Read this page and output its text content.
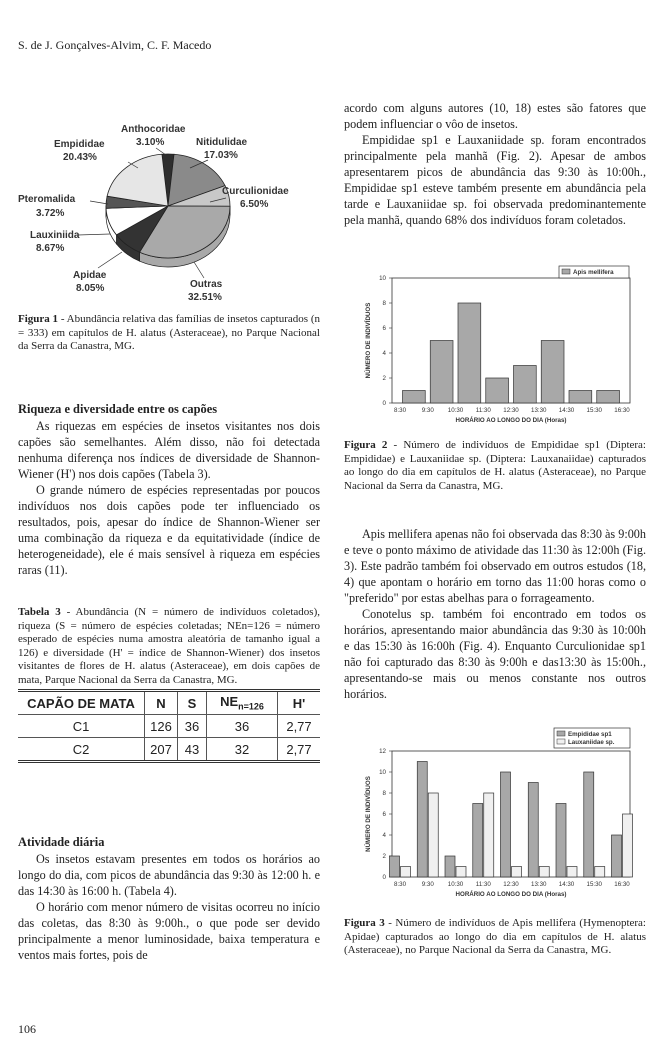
S. de J. Gonçalves-Alvim, C. F. Macedo
Anthocoridae
3.10%	Nitidulidae
17.03%
Curculionidae
6.50%
Outras
32.51%
Apidae
8.05%
Lauxiniida
8.67%
Pteromalida
3.72%
Empididae
20.43%

Figura 1 - Abundância relativa das famílias de insetos capturados (n = 333) em capítulos de H. alatus (Asteraceae), no Parque Nacional da Serra da Canastra, MG.

Riqueza e diversidade entre os capões

As riquezas em espécies de insetos visitantes nos dois capões são semelhantes. Além disso, não foi detectada nenhuma diferença nos índices de diversidade de Shannon-Wiener (H') nos dois capões (Tabela 3).

O grande número de espécies representadas por poucos indivíduos nos dois capões pode ter influenciado os resultados, pois, apesar do índice de Shannon-Wiener ser uma combinação da riqueza e da equitatividade (índice de heterogeneidade), ele é mais sensível à riqueza em espécies raras (11).

Tabela 3 - Abundância (N = número de indivíduos coletados), riqueza (S = número de espécies coletadas; NEn=126 = número esperado de espécies numa amostra aleatória de tamanho igual a 126) e diversidade (H' = índice de Shannon-Wiener) dos insetos visitantes de flores de H. alatus (Asteraceae), em dois capões de mata, Parque Nacional da Serra da Canastra, MG.

CAPÃO DE MATA	N	S	$NE_{n=126}$	H'
C1	126	36	36	2,77
C2	207	43	32	2,77

Atividade diária

Os insetos estavam presentes em todos os horários ao longo do dia, com picos de abundância das 9:30 às 12:00 h. e das 14:30 às 16:00 h. (Tabela 4).

O horário com menor número de visitas ocorreu no início das coletas, das 8:30 às 9:00h., o que pode ser devido principalmente a menor luminosidade, baixa temperatura e ventos mais fortes, pois de

106

acordo com alguns autores (10, 18) estes são fatores que podem influenciar o vôo de insetos.

Empididae sp1 e Lauxaniidade sp. foram encontrados principalmente pela manhã (Fig. 2). Apesar de ambos apresentarem picos de abundância das 9:30 às 10:00h., Empididae sp1 esteve também presente em abundância pela tarde e Lauxaniidae sp. foi observada predominantemente pela manhã, quando 68% dos indivíduos foram coletados.

0
2
4
6
8
10
NÚMERO DE INDIVÍDUOS
8:30	9:30 10:30 11:30 12:30 13:30 14:30 15:30 16:30
HORÁRIO AO LONGO DO DIA (Horas)
Apis mellifera

Figura 2 - Número de indivíduos de Empididae sp1 (Diptera: Empididae) e Lauxaniidae sp. (Diptera: Lauxanaiidae) capturados ao longo do dia em capítulos de H. alatus (Asteraceae), no Parque Nacional da Serra da Canastra, MG.

Apis mellifera apenas não foi observada das 8:30 às 9:00h e teve o ponto máximo de atividade das 11:30 às 12:00h (Fig. 3). Este padrão também foi observado em outros estudos (18, 4) que apontam o horário em torno das 11:00 horas como o "preferido" por estas abelhas para o forrageamento.

Conotelus sp. também foi encontrado em todos os horários, apresentando maior abundância das 9:30 às 10:00h e das 15:30 às 16:00h (Fig. 4). Enquanto Curculionidae sp1 não foi capturado das 8:30 às 9:00h e das13:30 às 15:00h., apresentando-se mais ou menos constante nos outros horários.

0
2
4
6
8
10
12
NÚMERO DE INDIVÍDUOS
8:30	9:30 10:30 11:30 12:30 13:30 14:30 15:30 16:30
HORÁRIO AO LONGO DO DIA (Horas)
Empididae sp1
Lauxaniidae sp.

Figura 3 - Número de indivíduos de Apis mellifera (Hymenoptera: Apidae) capturados ao longo do dia em capítulos de H. alatus (Asteraceae), no Parque Nacional da Serra da Canastra, MG.
